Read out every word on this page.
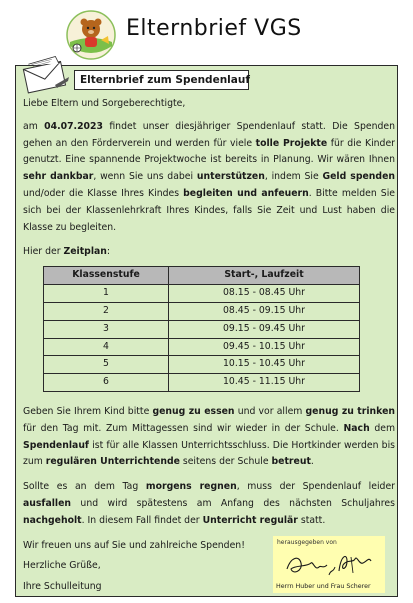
Elternbrief VGS
Elternbrief zum Spendenlauf

Liebe Eltern und Sorgeberechtigte,

am 04.07.2023 findet unser diesjähriger Spendenlauf statt. Die Spenden gehen an den Förderverein und werden für viele tolle Projekte für die Kinder genutzt. Eine spannende Projektwoche ist bereits in Planung. Wir wären Ihnen sehr dankbar, wenn Sie uns dabei unterstützen, indem Sie Geld spenden und/oder die Klasse Ihres Kindes begleiten und anfeuern. Bitte melden Sie sich bei der Klassenlehrkraft Ihres Kindes, falls Sie Zeit und Lust haben die Klasse zu begleiten.

Hier der Zeitplan:

Klassenstufe	Start-, Laufzeit
1	08.15 - 08.45 Uhr
2	08.45 - 09.15 Uhr
3	09.15 - 09.45 Uhr
4	09.45 - 10.15 Uhr
5	10.15 - 10.45 Uhr
6	10.45 - 11.15 Uhr

Geben Sie Ihrem Kind bitte genug zu essen und vor allem genug zu trinken für den Tag mit. Zum Mittagessen sind wir wieder in der Schule. Nach dem Spendenlauf ist für alle Klassen Unterrichtsschluss. Die Hortkinder werden bis zum regulären Unterrichtende seitens der Schule betreut.

Sollte es an dem Tag morgens regnen, muss der Spendenlauf leider ausfallen und wird spätestens am Anfang des nächsten Schuljahres nachgeholt. In diesem Fall findet der Unterricht regulär statt.

Wir freuen uns auf Sie und zahlreiche Spenden!

Herzliche Grüße,

Ihre Schulleitung

herausgegeben von
Herrn Huber und Frau Scherer
